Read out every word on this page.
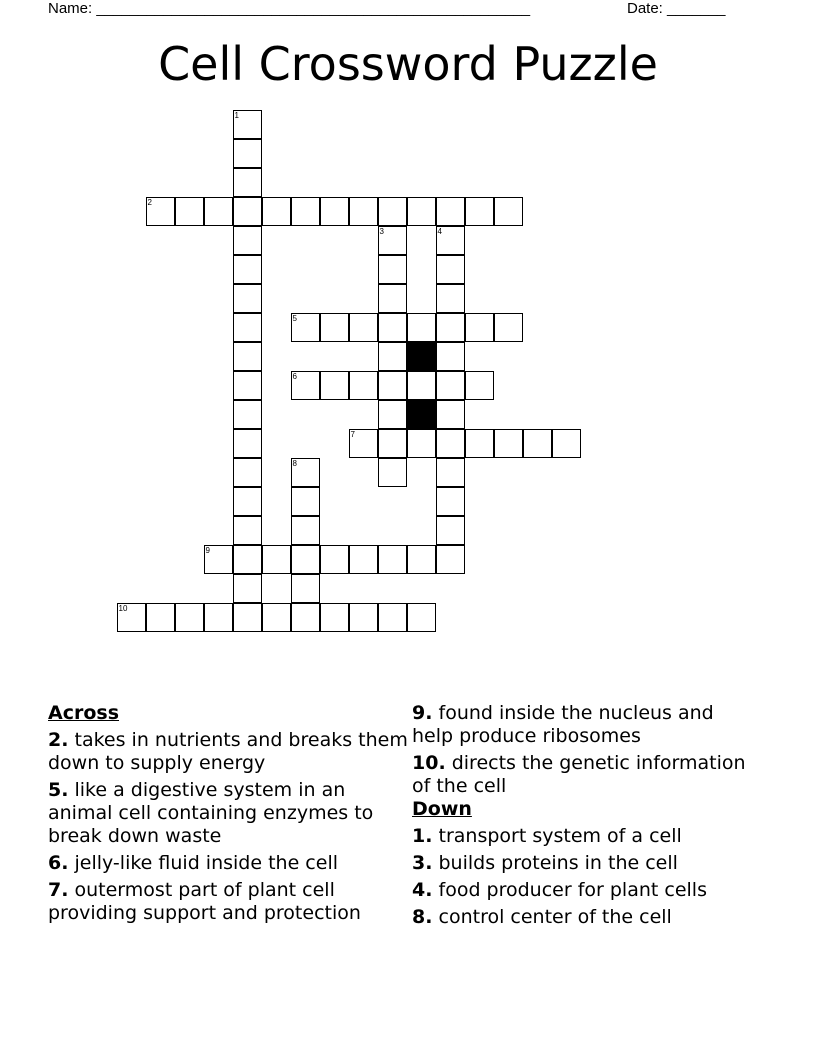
Name: ____________________________________________________	Date: _______
Cell Crossword Puzzle
1
2
3	4
5
6
7
8
9
10
Across
2. takes in nutrients and breaks them down to supply energy
5. like a digestive system in an animal cell containing enzymes to break down waste
6. jelly-like fluid inside the cell
7. outermost part of plant cell providing support and protection
9. found inside the nucleus and help produce ribosomes
10. directs the genetic information of the cell
Down
1. transport system of a cell
3. builds proteins in the cell
4. food producer for plant cells
8. control center of the cell
